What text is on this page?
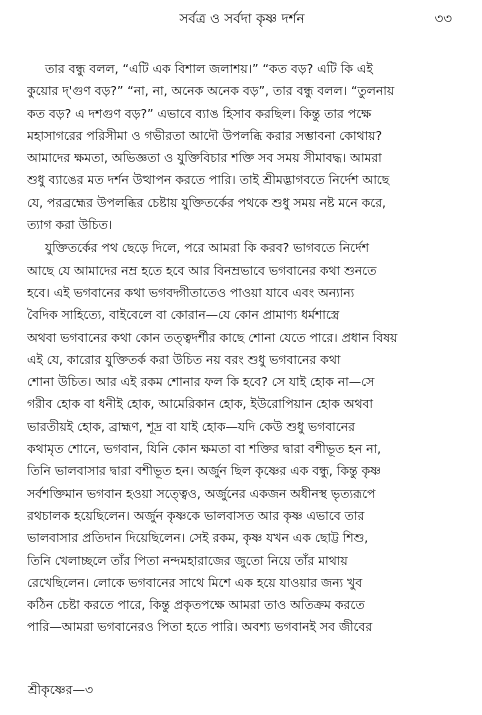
সর্বত্র ও সর্বদা কৃষ্ণ দর্শন	৩৩

তার বন্ধু বলল, “এটি এক বিশাল জলাশয়।” “কত বড়? এটি কি এই
কুয়োর দ্'গুণ বড়?” “না, না, অনেক অনেক বড়”, তার বন্ধু বলল। “তুলনায়
কত বড়? এ দশগুণ বড়?” এভাবে ব্যাঙ হিসাব করছিল। কিন্তু তার পক্ষে
মহাসাগরের পরিসীমা ও গভীরতা আদৌ উপলব্ধি করার সম্ভাবনা কোথায়?
আমাদের ক্ষমতা, অভিজ্ঞতা ও যুক্তিবিচার শক্তি সব সময় সীমাবদ্ধ। আমরা
শুধু ব্যাঙের মত দর্শন উত্থাপন করতে পারি। তাই শ্রীমদ্ভাগবতে নির্দেশ আছে
যে, পরব্রহ্মের উপলব্ধির চেষ্টায় যুক্তিতর্কের পথকে শুধু সময় নষ্ট মনে করে,
ত্যাগ করা উচিত।

যুক্তিতর্কের পথ ছেড়ে দিলে, পরে আমরা কি করব? ভাগবতে নির্দেশ
আছে যে আমাদের নম্র হতে হবে আর বিনম্রভাবে ভগবানের কথা শুনতে
হবে। এই ভগবানের কথা ভগবদ্গীতাতেও পাওয়া যাবে এবং অন্যান্য
বৈদিক সাহিত্যে, বাইবেলে বা কোরান—যে কোন প্রামাণ্য ধর্মশাস্ত্রে
অথবা ভগবানের কথা কোন তত্ত্বদর্শীর কাছে শোনা যেতে পারে। প্রধান বিষয়
এই যে, কারোর যুক্তিতর্ক করা উচিত নয় বরং শুধু ভগবানের কথা
শোনা উচিত। আর এই রকম শোনার ফল কি হবে? সে যাই হোক না—সে
গরীব হোক বা ধনীই হোক, আমেরিকান হোক, ইউরোপিয়ান হোক অথবা
ভারতীয়ই হোক, ব্রাহ্মণ, শূদ্র বা যাই হোক—যদি কেউ শুধু ভগবানের
কথামৃত শোনে, ভগবান, যিনি কোন ক্ষমতা বা শক্তির দ্বারা বশীভূত হন না,
তিনি ভালবাসার দ্বারা বশীভূত হন। অর্জুন ছিল কৃষ্ণের এক বন্ধু, কিন্তু কৃষ্ণ
সর্বশক্তিমান ভগবান হওয়া সত্ত্বেও, অর্জুনের একজন অধীনস্থ ভৃত্যরূপে
রথচালক হয়েছিলেন। অর্জুন কৃষ্ণকে ভালবাসত আর কৃষ্ণ এভাবে তার
ভালবাসার প্রতিদান দিয়েছিলেন। সেই রকম, কৃষ্ণ যখন এক ছোট্ট শিশু,
তিনি খেলাচ্ছলে তাঁর পিতা নন্দমহারাজের জুতো নিয়ে তাঁর মাথায়
রেখেছিলেন। লোকে ভগবানের সাথে মিশে এক হয়ে যাওয়ার জন্য খুব
কঠিন চেষ্টা করতে পারে, কিন্তু প্রকৃতপক্ষে আমরা তাও অতিক্রম করতে
পারি—আমরা ভগবানেরও পিতা হতে পারি। অবশ্য ভগবানই সব জীবের

শ্রীকৃষ্ণের—৩
